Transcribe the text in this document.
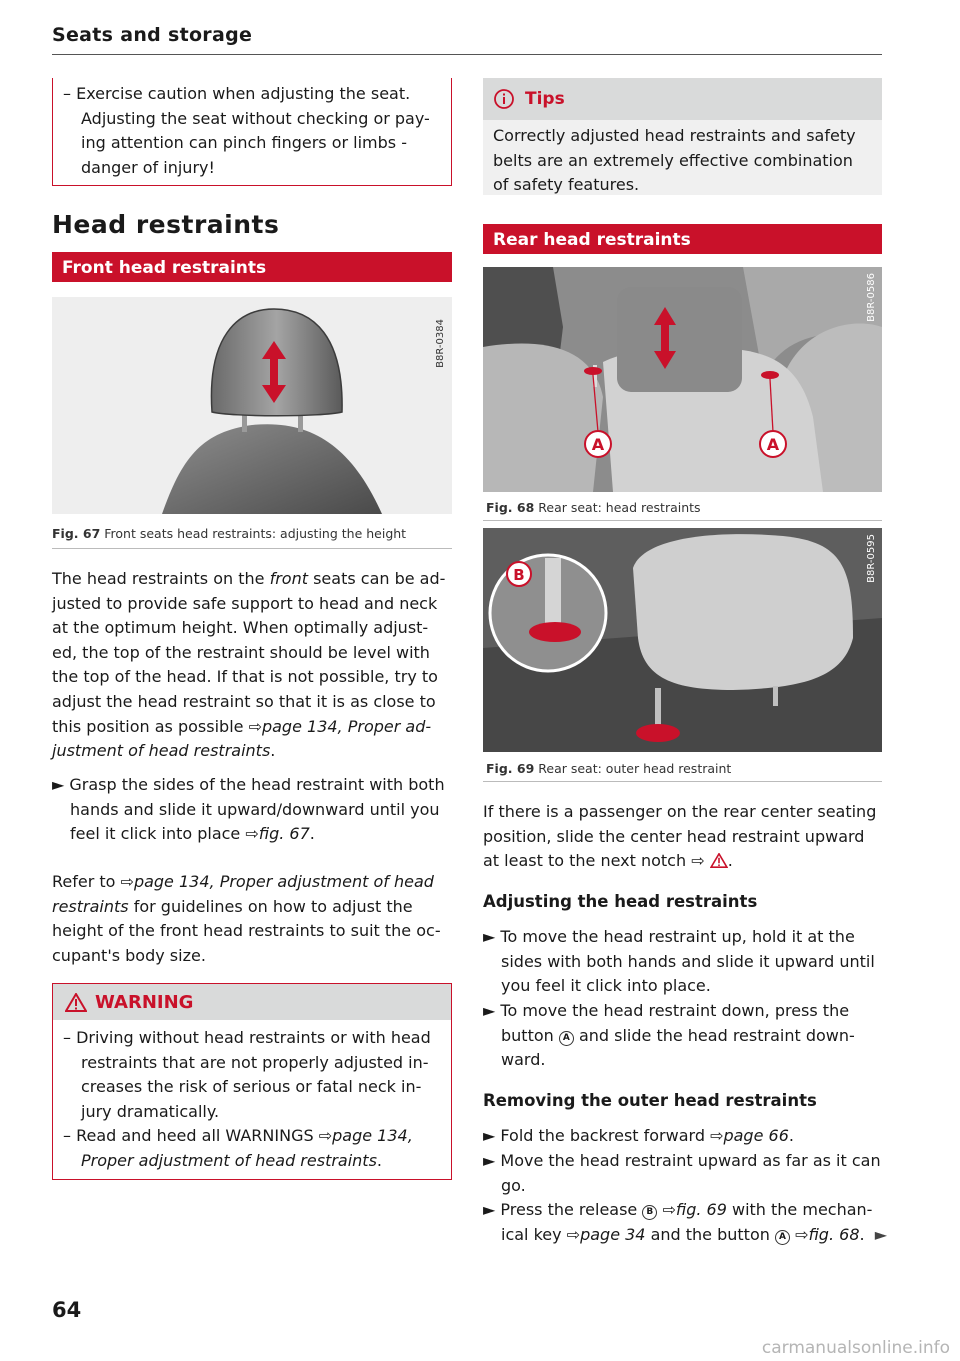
Seats and storage
– Exercise caution when adjusting the seat.
Adjusting the seat without checking or pay-
ing attention can pinch fingers or limbs -
danger of injury!
Head restraints
Front head restraints
B8R-0384
Fig. 67 Front seats head restraints: adjusting the height
The head restraints on the front seats can be ad-
justed to provide safe support to head and neck
at the optimum height. When optimally adjust-
ed, the top of the restraint should be level with
the top of the head. If that is not possible, try to
adjust the head restraint so that it is as close to
this position as possible ⇨page 134, Proper ad-
justment of head restraints.
► Grasp the sides of the head restraint with both
hands and slide it upward/downward until you
feel it click into place ⇨fig. 67.
Refer to ⇨page 134, Proper adjustment of head
restraints for guidelines on how to adjust the
height of the front head restraints to suit the oc-
cupant's body size.
WARNING
– Driving without head restraints or with head
restraints that are not properly adjusted in-
creases the risk of serious or fatal neck in-
jury dramatically.
– Read and heed all WARNINGS ⇨page 134,
Proper adjustment of head restraints.
Tips
Correctly adjusted head restraints and safety
belts are an extremely effective combination
of safety features.
Rear head restraints
A	A
B8R-0586
Fig. 68 Rear seat: head restraints
B	B8R-0595
Fig. 69 Rear seat: outer head restraint
If there is a passenger on the rear center seating
position, slide the center head restraint upward
at least to the next notch ⇨ .
Adjusting the head restraints
► To move the head restraint up, hold it at the
sides with both hands and slide it upward until
you feel it click into place.
► To move the head restraint down, press the
button A and slide the head restraint down-
ward.
Removing the outer head restraints
► Fold the backrest forward ⇨page 66.
► Move the head restraint upward as far as it can
go.
► Press the release B ⇨fig. 69 with the mechan-
ical key ⇨page 34 and the button A ⇨fig. 68. ►
64
carmanualsonline.info
